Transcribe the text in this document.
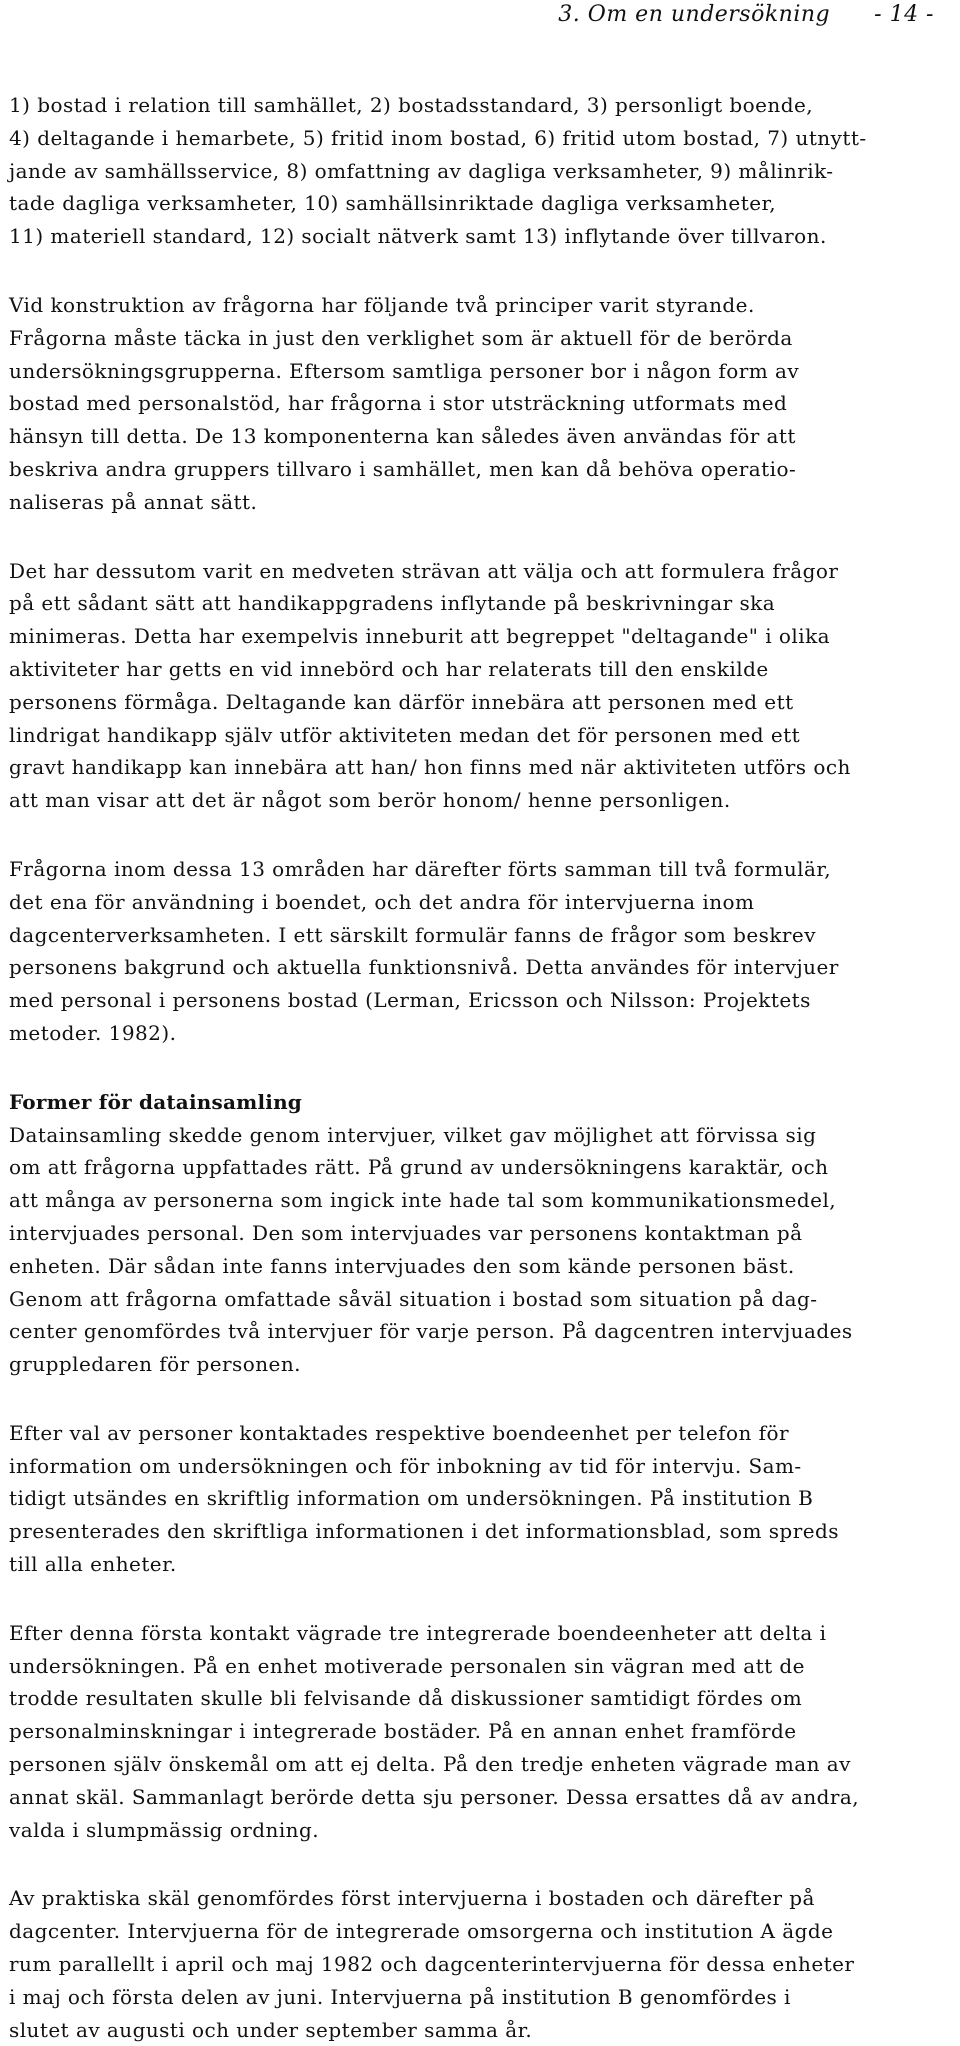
3. Om en undersökning - 14 -

1) bostad i relation till samhället, 2) bostadsstandard, 3) personligt boende,
4) deltagande i hemarbete, 5) fritid inom bostad, 6) fritid utom bostad, 7) utnytt-
jande av samhällsservice, 8) omfattning av dagliga verksamheter, 9) målinrik-
tade dagliga verksamheter, 10) samhällsinriktade dagliga verksamheter,
11) materiell standard, 12) socialt nätverk samt 13) inflytande över tillvaron.

Vid konstruktion av frågorna har följande två principer varit styrande.
Frågorna måste täcka in just den verklighet som är aktuell för de berörda
undersökningsgrupperna. Eftersom samtliga personer bor i någon form av
bostad med personalstöd, har frågorna i stor utsträckning utformats med
hänsyn till detta. De 13 komponenterna kan således även användas för att
beskriva andra gruppers tillvaro i samhället, men kan då behöva operatio-
naliseras på annat sätt.

Det har dessutom varit en medveten strävan att välja och att formulera frågor
på ett sådant sätt att handikappgradens inflytande på beskrivningar ska
minimeras. Detta har exempelvis inneburit att begreppet "deltagande" i olika
aktiviteter har getts en vid innebörd och har relaterats till den enskilde
personens förmåga. Deltagande kan därför innebära att personen med ett
lindrigat handikapp själv utför aktiviteten medan det för personen med ett
gravt handikapp kan innebära att han/ hon finns med när aktiviteten utförs och
att man visar att det är något som berör honom/ henne personligen.

Frågorna inom dessa 13 områden har därefter förts samman till två formulär,
det ena för användning i boendet, och det andra för intervjuerna inom
dagcenterverksamheten. I ett särskilt formulär fanns de frågor som beskrev
personens bakgrund och aktuella funktionsnivå. Detta användes för intervjuer
med personal i personens bostad (Lerman, Ericsson och Nilsson: Projektets
metoder. 1982).

Former för datainsamling

Datainsamling skedde genom intervjuer, vilket gav möjlighet att förvissa sig
om att frågorna uppfattades rätt. På grund av undersökningens karaktär, och
att många av personerna som ingick inte hade tal som kommunikationsmedel,
intervjuades personal. Den som intervjuades var personens kontaktman på
enheten. Där sådan inte fanns intervjuades den som kände personen bäst.
Genom att frågorna omfattade såväl situation i bostad som situation på dag-
center genomfördes två intervjuer för varje person. På dagcentren intervjuades
gruppledaren för personen.

Efter val av personer kontaktades respektive boendeenhet per telefon för
information om undersökningen och för inbokning av tid för intervju. Sam-
tidigt utsändes en skriftlig information om undersökningen. På institution B
presenterades den skriftliga informationen i det informationsblad, som spreds
till alla enheter.

Efter denna första kontakt vägrade tre integrerade boendeenheter att delta i
undersökningen. På en enhet motiverade personalen sin vägran med att de
trodde resultaten skulle bli felvisande då diskussioner samtidigt fördes om
personalminskningar i integrerade bostäder. På en annan enhet framförde
personen själv önskemål om att ej delta. På den tredje enheten vägrade man av
annat skäl. Sammanlagt berörde detta sju personer. Dessa ersattes då av andra,
valda i slumpmässig ordning.

Av praktiska skäl genomfördes först intervjuerna i bostaden och därefter på
dagcenter. Intervjuerna för de integrerade omsorgerna och institution A ägde
rum parallellt i april och maj 1982 och dagcenterintervjuerna för dessa enheter
i maj och första delen av juni. Intervjuerna på institution B genomfördes i
slutet av augusti och under september samma år.
